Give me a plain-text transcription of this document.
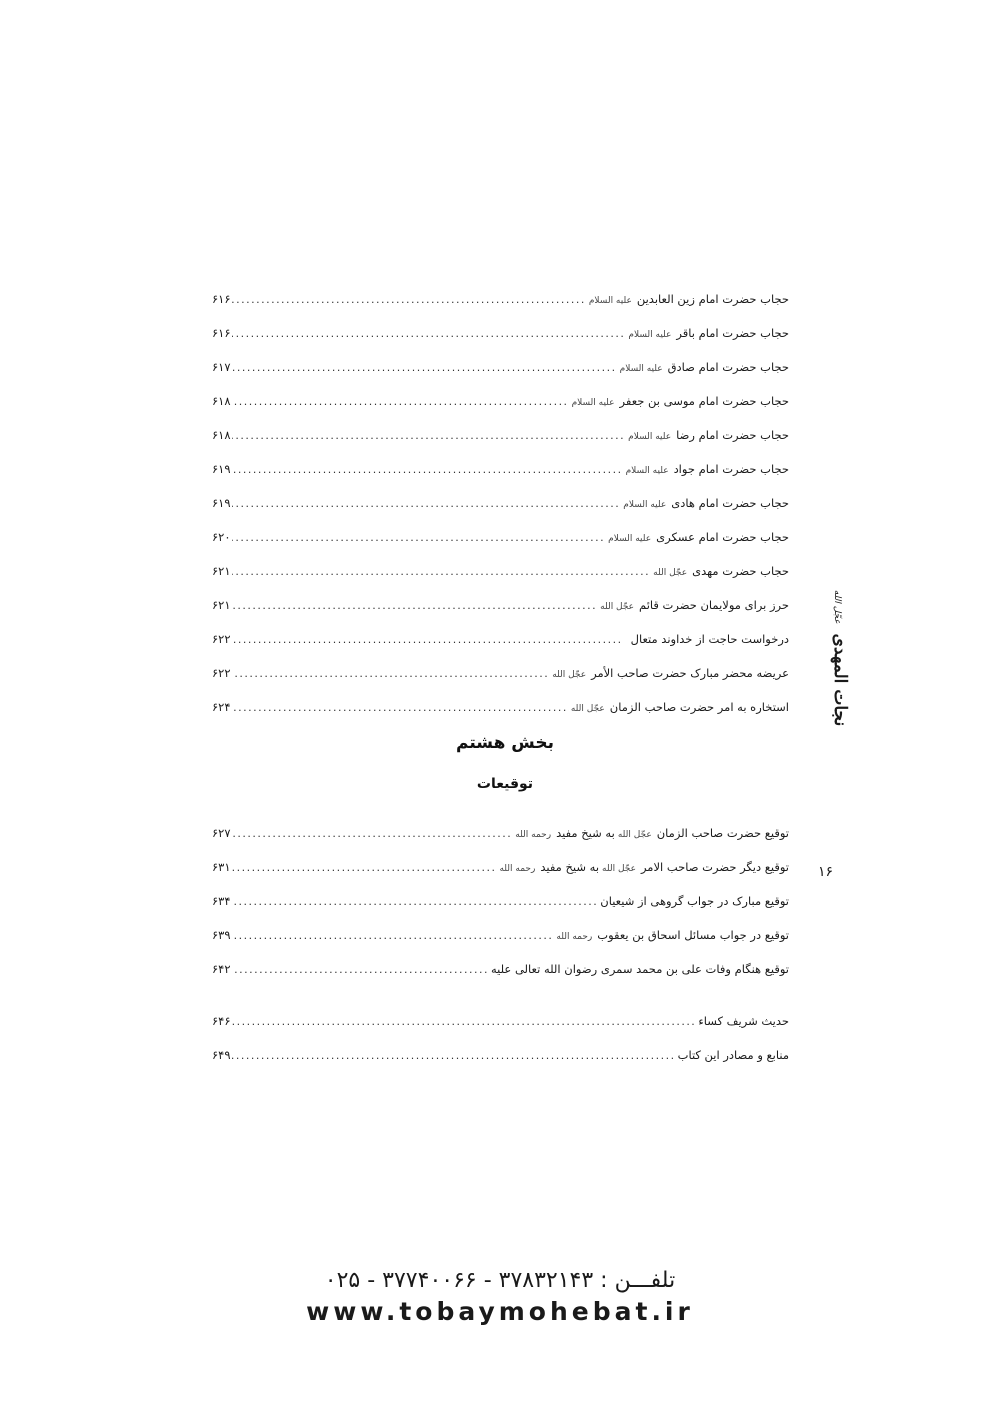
حجاب حضرت امام زین العابدین
علیه السلام
.....
۶۱۶
حجاب حضرت امام باقر
علیه السلام
.....
۶۱۶
حجاب حضرت امام صادق
علیه السلام
.....
۶۱۷
حجاب حضرت امام موسی بن جعفر
علیه السلام
.....
۶۱۸
حجاب حضرت امام رضا
علیه السلام
.....
۶۱۸
حجاب حضرت امام جواد
علیه السلام
.....
۶۱۹
حجاب حضرت امام هادی
علیه السلام
.....
۶۱۹
حجاب حضرت امام عسکری
علیه السلام
.....
۶۲۰
حجاب حضرت مهدی
عجّل الله
.....
۶۲۱
حرز برای مولایمان حضرت قائم
عجّل الله
.....
۶۲۱
درخواست حاجت از خداوند متعال
.....
۶۲۲
عریضه محضر مبارک حضرت صاحب الأمر
عجّل الله
.....
۶۲۲
استخاره به امر حضرت صاحب الزمان
عجّل الله
.....
۶۲۴
بخش هشتم
توقیعات
توقیع حضرت صاحب الزمان
عجّل الله
به شیخ مفید
رحمه الله
.....
۶۲۷
توقیع دیگر حضرت صاحب الامر
عجّل الله
به شیخ مفید
رحمه الله
.....
۶۳۱
توقیع مبارک در جواب گروهی از شیعیان
.....
۶۳۴
توقیع در جواب مسائل اسحاق بن یعقوب
رحمه الله
.....
۶۳۹
توقیع هنگام وفات علی بن محمد سمری رضوان الله تعالی علیه
.....
۶۴۲
حدیث شریف کساء
.....
۶۴۶
منابع و مصادر این کتاب
.....
۶۴۹
نجات المهدی عجّل الله
۱۶
تلفـــن : ۳۷۸۳۲۱۴۳ - ۳۷۷۴۰۰۶۶ - ۰۲۵
www.tobaymohebat.ir
